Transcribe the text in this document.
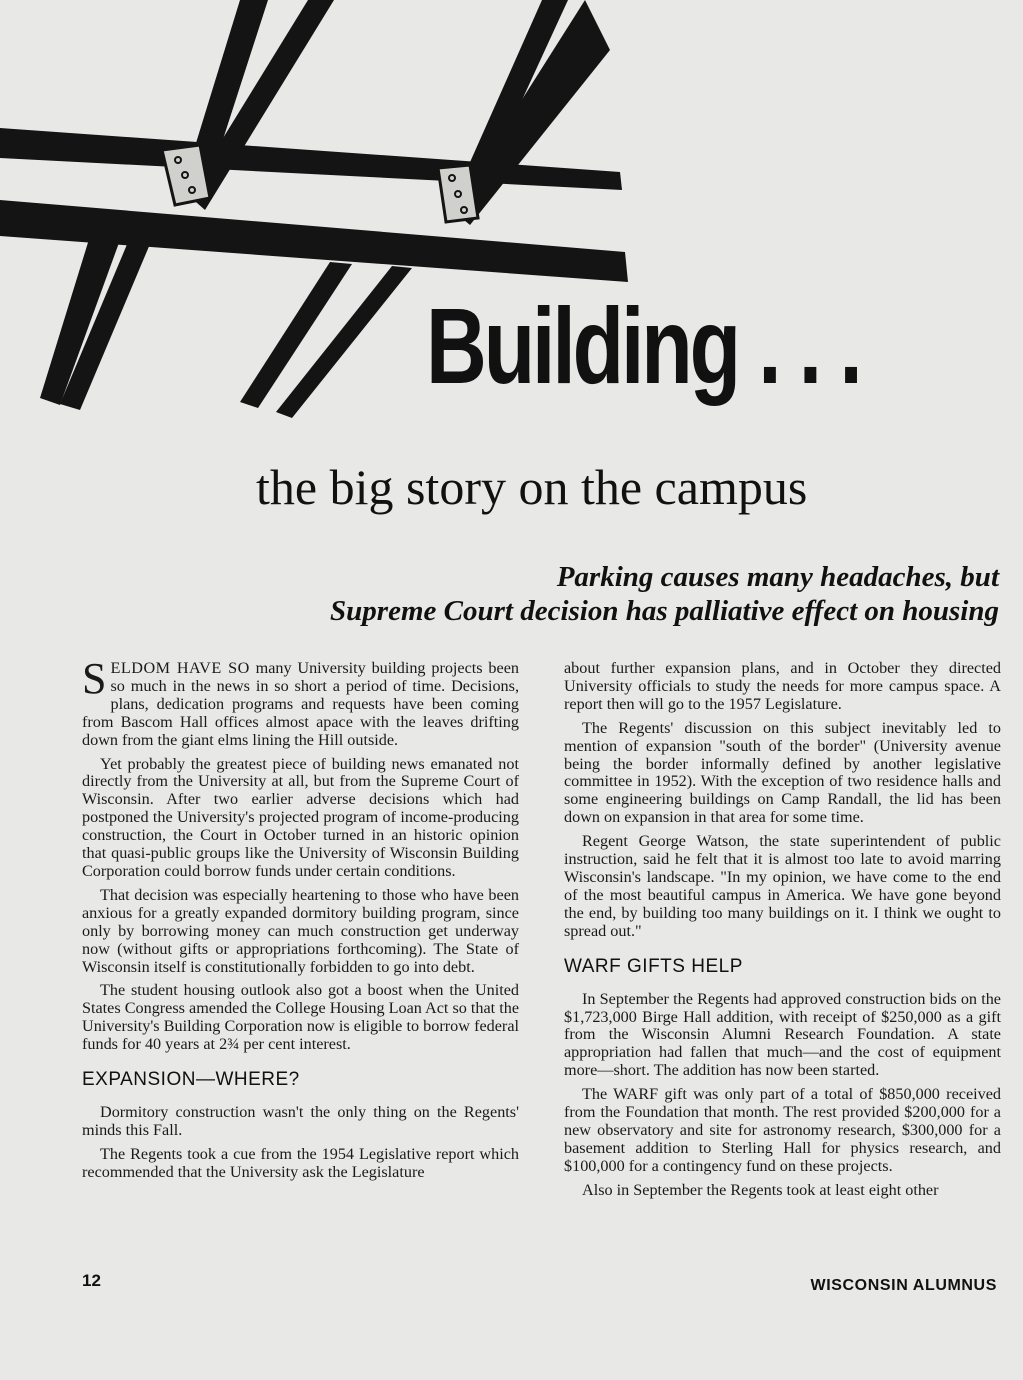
Building . . .
the big story on the campus
Parking causes many headaches, but
Supreme Court decision has palliative effect on housing

SELDOM HAVE SO many University building projects been so much in the news in so short a period of time. Decisions, plans, dedication programs and requests have been coming from Bascom Hall offices almost apace with the leaves drifting down from the giant elms lining the Hill outside.

Yet probably the greatest piece of building news emanated not directly from the University at all, but from the Supreme Court of Wisconsin. After two earlier adverse decisions which had postponed the University's projected program of income-producing construction, the Court in October turned in an historic opinion that quasi-public groups like the University of Wisconsin Building Corporation could borrow funds under certain conditions.

That decision was especially heartening to those who have been anxious for a greatly expanded dormitory building program, since only by borrowing money can much construction get underway now (without gifts or appropriations forthcoming). The State of Wisconsin itself is constitutionally forbidden to go into debt.

The student housing outlook also got a boost when the United States Congress amended the College Housing Loan Act so that the University's Building Corporation now is eligible to borrow federal funds for 40 years at 2¾ per cent interest.

EXPANSION—WHERE?

Dormitory construction wasn't the only thing on the Regents' minds this Fall.

The Regents took a cue from the 1954 Legislative report which recommended that the University ask the Legislature

about further expansion plans, and in October they directed University officials to study the needs for more campus space. A report then will go to the 1957 Legislature.

The Regents' discussion on this subject inevitably led to mention of expansion "south of the border" (University avenue being the border informally defined by another legislative committee in 1952). With the exception of two residence halls and some engineering buildings on Camp Randall, the lid has been down on expansion in that area for some time.

Regent George Watson, the state superintendent of public instruction, said he felt that it is almost too late to avoid marring Wisconsin's landscape. "In my opinion, we have come to the end of the most beautiful campus in America. We have gone beyond the end, by building too many buildings on it. I think we ought to spread out."

WARF GIFTS HELP

In September the Regents had approved construction bids on the $1,723,000 Birge Hall addition, with receipt of $250,000 as a gift from the Wisconsin Alumni Research Foundation. A state appropriation had fallen that much—and the cost of equipment more—short. The addition has now been started.

The WARF gift was only part of a total of $850,000 received from the Foundation that month. The rest provided $200,000 for a new observatory and site for astronomy research, $300,000 for a basement addition to Sterling Hall for physics research, and $100,000 for a contingency fund on these projects.

Also in September the Regents took at least eight other

12	WISCONSIN ALUMNUS
